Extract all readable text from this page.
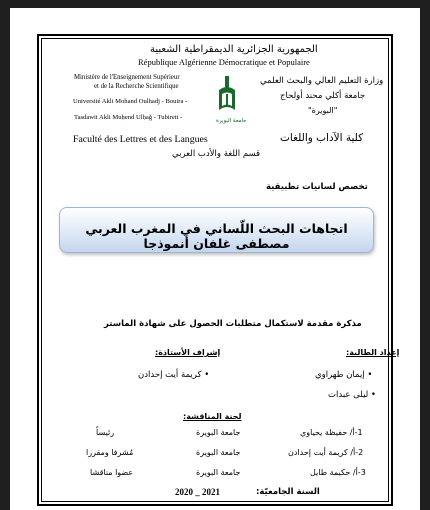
الجمهورية الجزائرية الديمقراطية الشعبية
République Algérienne Démocratique et Populaire
Ministère de l'Enseignement Supérieur
et de la Recherche Scientifique
Université Akli Mohand Oulhadj - Bouira -
Tasdawit Akli Muḥend Ulḥağ - Tubirett -
Faculté des Lettres et des Langues
جامعة البويرة
وزارة التعليم العالي والبحث العلمي
جامعة أكلي محند أولحاج
"البويرة"
كلية الآداب واللغات
قسم اللغة والأدب العربي
تخصص لسانيات تطبيقية
اتجاهات البحث اللّساني في المغرب العربي مصطفى غلفان أنموذجا
مذكرة مقدمة لاستكمال متطلبات الحصول على شهادة الماستر
إعداد الطالبة:
إشراف الأستاذة:
• إيمان طهراوي
• كريمة أيت إحدادن
• ليلى عبدات
لجنة المناقشة:
1-أ/ حفيظة يحياوي
جامعة البويرة
رئيساً
2-أ/ كريمة أيت إحدادن
جامعة البويرة
مُشرفا ومقررا
3-أ/ حكيمة طايل
جامعة البويرة
عضوا مناقشا
السنة الجامعيّة:
2020 _ 2021
